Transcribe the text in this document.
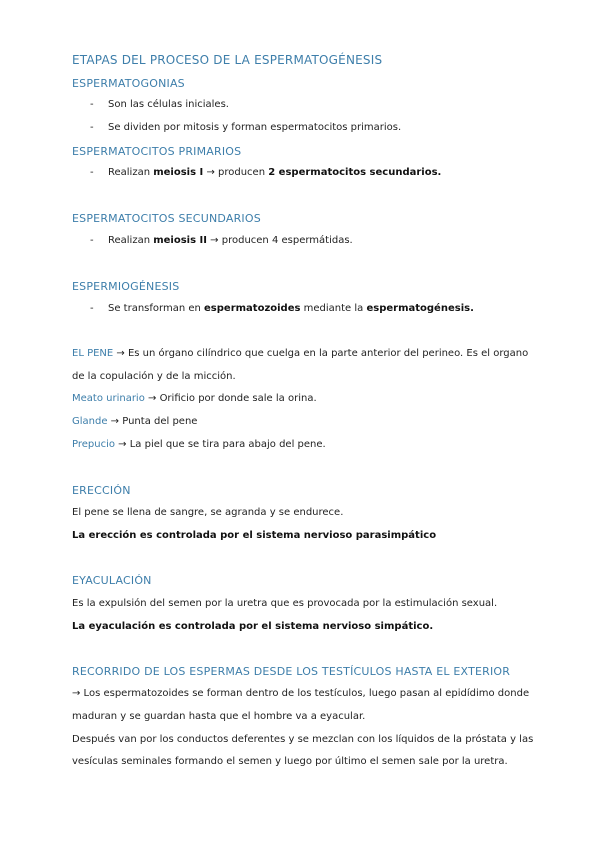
ETAPAS DEL PROCESO DE LA ESPERMATOGÉNESIS
ESPERMATOGONIAS
- Son las células iniciales.
- Se dividen por mitosis y forman espermatocitos primarios.
ESPERMATOCITOS PRIMARIOS
- Realizan meiosis I → producen 2 espermatocitos secundarios.
ESPERMATOCITOS SECUNDARIOS
- Realizan meiosis II → producen 4 espermátidas.
ESPERMIOGÉNESIS
- Se transforman en espermatozoides mediante la espermatogénesis.
EL PENE → Es un órgano cilíndrico que cuelga en la parte anterior del perineo. Es el organo
de la copulación y de la micción.
Meato urinario → Orificio por donde sale la orina.
Glande → Punta del pene
Prepucio → La piel que se tira para abajo del pene.
ERECCIÓN
El pene se llena de sangre, se agranda y se endurece.
La erección es controlada por el sistema nervioso parasimpático
EYACULACIÓN
Es la expulsión del semen por la uretra que es provocada por la estimulación sexual.
La eyaculación es controlada por el sistema nervioso simpático.
RECORRIDO DE LOS ESPERMAS DESDE LOS TESTÍCULOS HASTA EL EXTERIOR
→ Los espermatozoides se forman dentro de los testículos, luego pasan al epidídimo donde
maduran y se guardan hasta que el hombre va a eyacular.
Después van por los conductos deferentes y se mezclan con los líquidos de la próstata y las
vesículas seminales formando el semen y luego por último el semen sale por la uretra.
